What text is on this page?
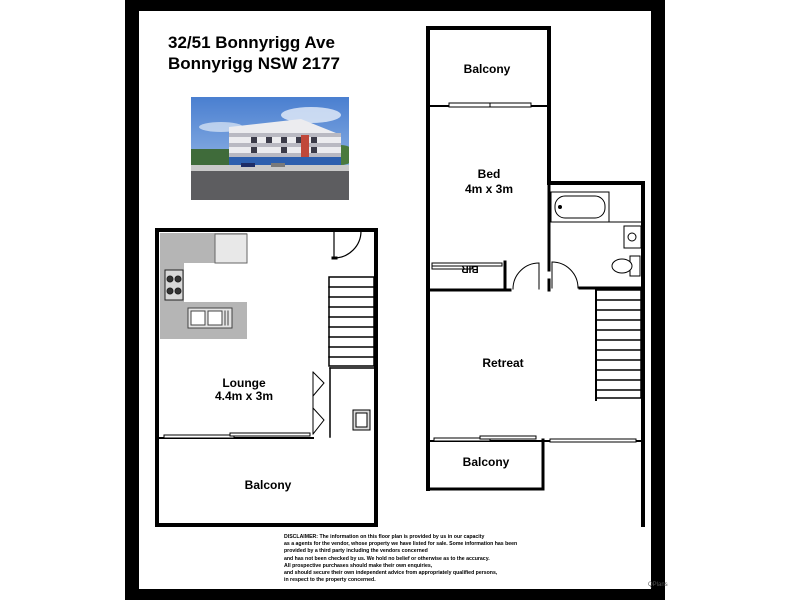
32/51 Bonnyrigg Ave
Bonnyrigg NSW 2177	Balcony
Bed
4m x 3m
BIR
Retreat
Balcony
Lounge
4.4m x 3m
Balcony
DISCLAIMER: The information on this floor plan is provided by us in our capacity
as a agents for the vendor, whose property we have listed for sale. Some information has been
provided by a third party including the vendors concerned
and has not been checked by us. We hold no belief or otherwise as to the accuracy.
All prospective purchases should make their own enquiries,
and should secure their own independent advice from appropriately qualified persons,
in respect to the property concerned.
QPlans
